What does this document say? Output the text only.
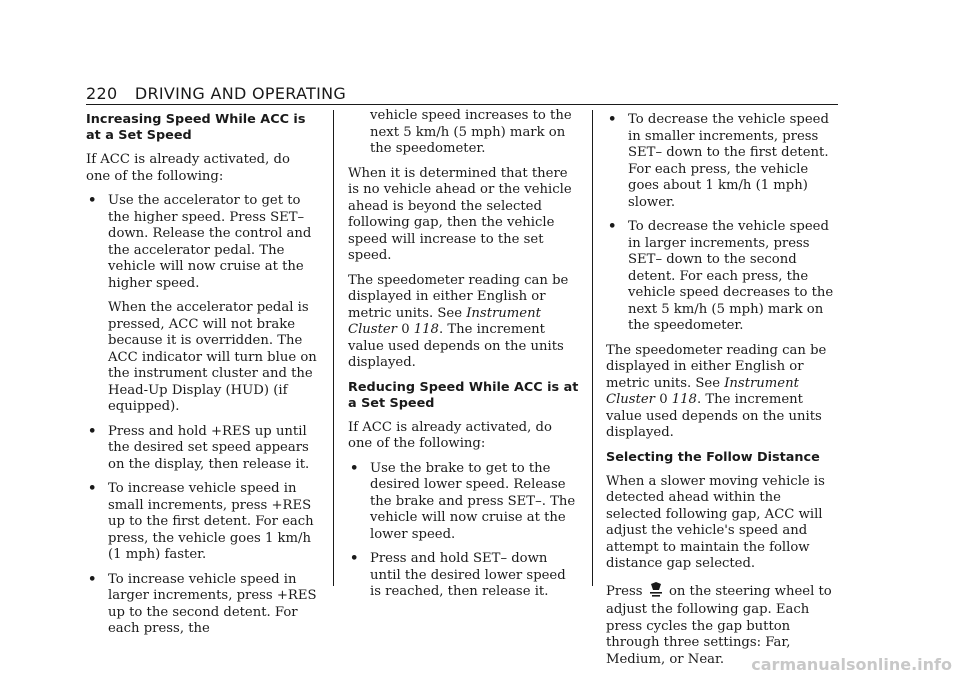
220 DRIVING AND OPERATING
Increasing Speed While ACC is at a Set Speed

If ACC is already activated, do one of the following:

• Use the accelerator to get to the higher speed. Press SET– down. Release the control and the accelerator pedal. The vehicle will now cruise at the higher speed.
When the accelerator pedal is pressed, ACC will not brake because it is overridden. The ACC indicator will turn blue on the instrument cluster and the Head-Up Display (HUD) (if equipped).
• Press and hold +RES up until the desired set speed appears on the display, then release it.
• To increase vehicle speed in small increments, press +RES up to the first detent. For each press, the vehicle goes 1 km/h (1 mph) faster.
• To increase vehicle speed in larger increments, press +RES up to the second detent. For each press, the
vehicle speed increases to the next 5 km/h (5 mph) mark on the speedometer.

When it is determined that there is no vehicle ahead or the vehicle ahead is beyond the selected following gap, then the vehicle speed will increase to the set speed.

The speedometer reading can be displayed in either English or metric units. See Instrument Cluster 0 118. The increment value used depends on the units displayed.

Reducing Speed While ACC is at a Set Speed

If ACC is already activated, do one of the following:

• Use the brake to get to the desired lower speed. Release the brake and press SET–. The vehicle will now cruise at the lower speed.
• Press and hold SET– down until the desired lower speed is reached, then release it.
• To decrease the vehicle speed in smaller increments, press SET– down to the first detent. For each press, the vehicle goes about 1 km/h (1 mph) slower.
• To decrease the vehicle speed in larger increments, press SET– down to the second detent. For each press, the vehicle speed decreases to the next 5 km/h (5 mph) mark on the speedometer.

The speedometer reading can be displayed in either English or metric units. See Instrument Cluster 0 118. The increment value used depends on the units displayed.

Selecting the Follow Distance

When a slower moving vehicle is detected ahead within the selected following gap, ACC will adjust the vehicle's speed and attempt to maintain the follow distance gap selected.

Press on the steering wheel to adjust the following gap. Each press cycles the gap button through three settings: Far, Medium, or Near.	carmanualsonline.info
